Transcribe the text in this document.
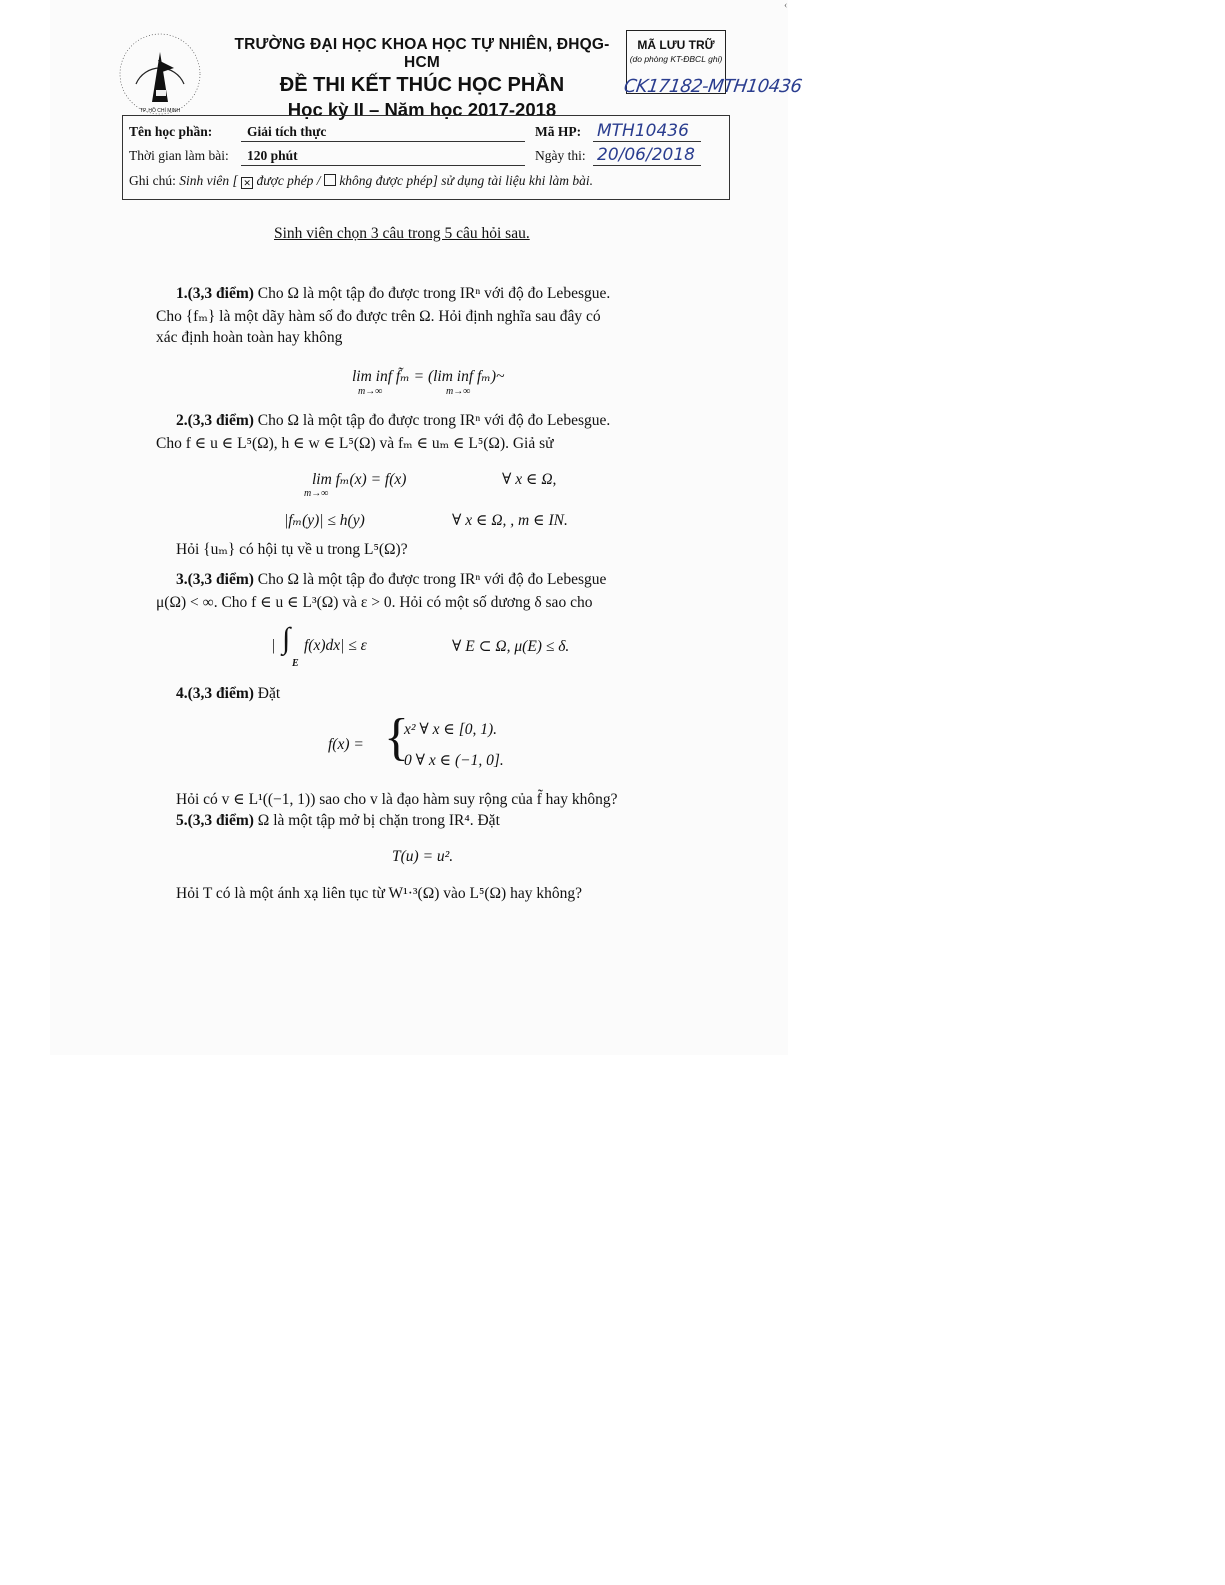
‹
TP. HỒ CHÍ MINH
TRƯỜNG ĐẠI HỌC KHOA HỌC TỰ NHIÊN, ĐHQG-HCM
ĐỀ THI KẾT THÚC HỌC PHẦN
Học kỳ II – Năm học 2017-2018
MÃ LƯU TRỮ
(do phòng KT-ĐBCL ghi)
CK17182-MTH10436
Tên học phần:	Giải tích thực	Mã HP: MTH10436
Thời gian làm bài: 120 phút	Ngày thi: 20/06/2018
Ghi chú: Sinh viên [ ✕ được phép / không được phép] sử dụng tài liệu khi làm bài.
Sinh viên chọn 3 câu trong 5 câu hỏi sau.
1.(3,3 điểm) Cho Ω là một tập đo được trong IRⁿ với độ đo Lebesgue.
Cho {fₘ} là một dãy hàm số đo được trên Ω. Hỏi định nghĩa sau đây có
xác định hoàn toàn hay không
lim inf f̃ₘ = (lim inf fₘ)~
m→∞	m→∞
2.(3,3 điểm) Cho Ω là một tập đo được trong IRⁿ với độ đo Lebesgue.
Cho f ∈ u ∈ L⁵(Ω), h ∈ w ∈ L⁵(Ω) và fₘ ∈ uₘ ∈ L⁵(Ω). Giả sử
lim fₘ(x) = f(x)
m→∞
∀ x ∈ Ω,
|fₘ(y)| ≤ h(y)	∀ x ∈ Ω, , m ∈ IN.
Hỏi {uₘ} có hội tụ về u trong L⁵(Ω)?
3.(3,3 điểm) Cho Ω là một tập đo được trong IRⁿ với độ đo Lebesgue
μ(Ω) < ∞. Cho f ∈ u ∈ L³(Ω) và ε > 0. Hỏi có một số dương δ sao cho
| ∫
E
f(x)dx| ≤ ε	∀ E ⊂ Ω, μ(E) ≤ δ.
4.(3,3 điểm) Đặt
f(x) = {
x² ∀ x ∈ [0, 1).
0 ∀ x ∈ (−1, 0].
Hỏi có v ∈ L¹((−1, 1)) sao cho v là đạo hàm suy rộng của f̃ hay không?
5.(3,3 điểm) Ω là một tập mở bị chặn trong IR⁴. Đặt
T(u) = u².
Hỏi T có là một ánh xạ liên tục từ W¹·³(Ω) vào L⁵(Ω) hay không?
